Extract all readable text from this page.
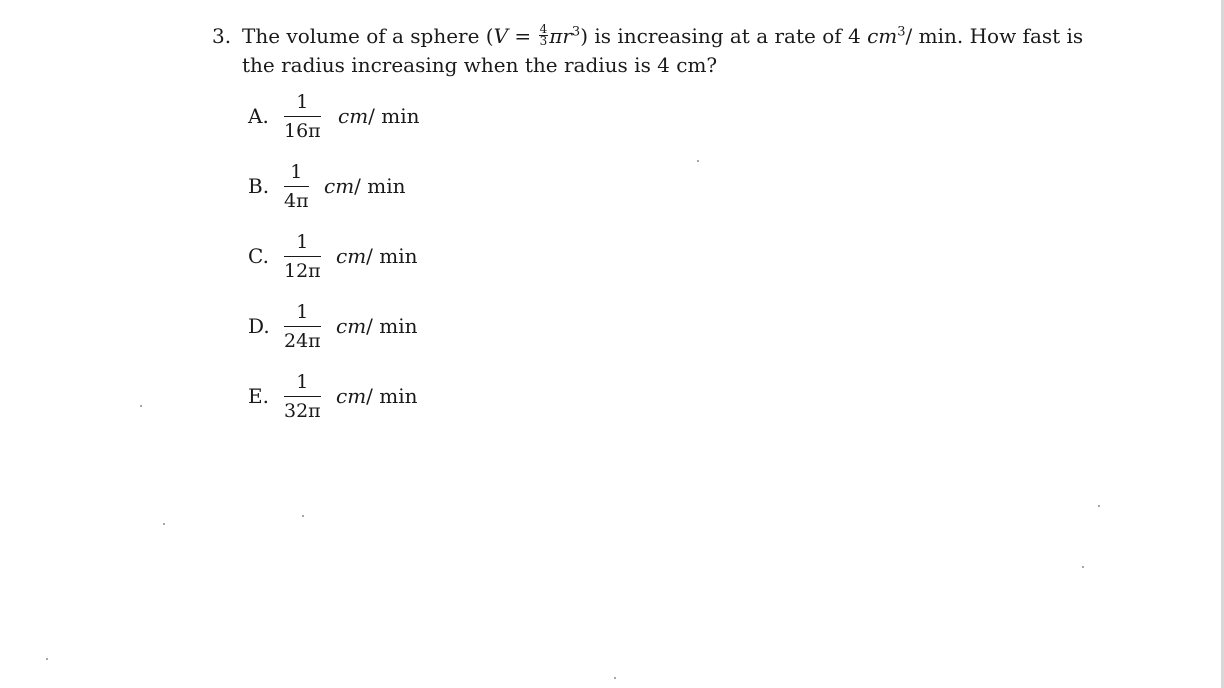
3. The volume of a sphere $(V = \frac{4}{3} \pi r^3)$ is increasing at a rate of 4 $cm^3/$ min. How fast is
the radius increasing when the radius is 4 cm?
A. $\frac{1}{16\pi} cm/$ min
B. $\frac{1}{4\pi} cm/$ min
C. $\frac{1}{12\pi} cm/$ min
D. $\frac{1}{24\pi} cm/$ min
E. $\frac{1}{32\pi} cm/$ min
